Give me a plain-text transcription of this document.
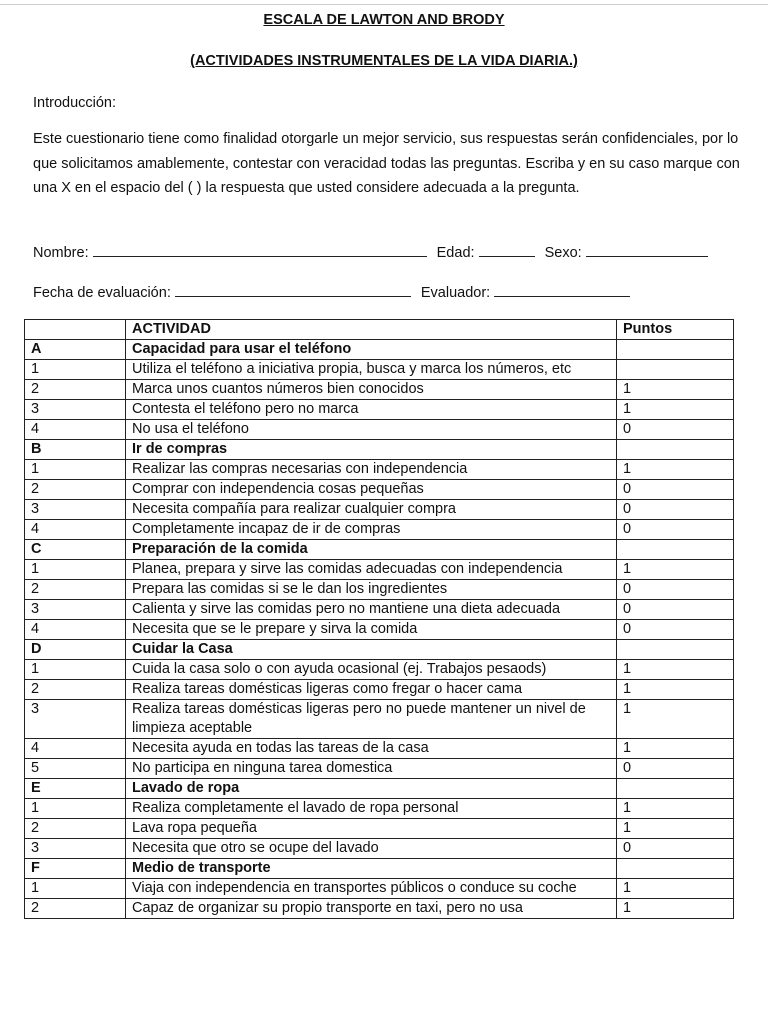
ESCALA DE LAWTON AND BRODY
(ACTIVIDADES INSTRUMENTALES DE LA VIDA DIARIA.)
Introducción:
Este cuestionario tiene como finalidad otorgarle un mejor servicio, sus respuestas serán confidenciales, por lo que solicitamos amablemente, contestar con veracidad todas las preguntas. Escriba y en su caso marque con una X en el espacio del ( ) la respuesta que usted considere adecuada a la pregunta.
Nombre:	Edad:	Sexo:
Fecha de evaluación:	Evaluador:
	ACTIVIDAD	Puntos
A	Capacidad para usar el teléfono	
1	Utiliza el teléfono a iniciativa propia, busca y marca los números, etc	
2	Marca unos cuantos números bien conocidos	1
3	Contesta el teléfono pero no marca	1
4	No usa el teléfono	0
B	Ir de compras	
1	Realizar las compras necesarias con independencia	1
2	Comprar con independencia cosas pequeñas	0
3	Necesita compañía para realizar cualquier compra	0
4	Completamente incapaz de ir de compras	0
C	Preparación de la comida	
1	Planea, prepara y sirve las comidas adecuadas con independencia	1
2	Prepara las comidas si se le dan los ingredientes	0
3	Calienta y sirve las comidas pero no mantiene una dieta adecuada	0
4	Necesita que se le prepare y sirva la comida	0
D	Cuidar la Casa	
1	Cuida la casa solo o con ayuda ocasional (ej. Trabajos pesaods)	1
2	Realiza tareas domésticas ligeras como fregar o hacer cama	1
3	Realiza tareas domésticas ligeras pero no puede mantener un nivel de limpieza aceptable	1
4	Necesita ayuda en todas las tareas de la casa	1
5	No participa en ninguna tarea domestica	0
E	Lavado de ropa	
1	Realiza completamente el lavado de ropa personal	1
2	Lava ropa pequeña	1
3	Necesita que otro se ocupe del lavado	0
F	Medio de transporte	
1	Viaja con independencia en transportes públicos o conduce su coche	1
2	Capaz de organizar su propio transporte en taxi, pero no usa	1
